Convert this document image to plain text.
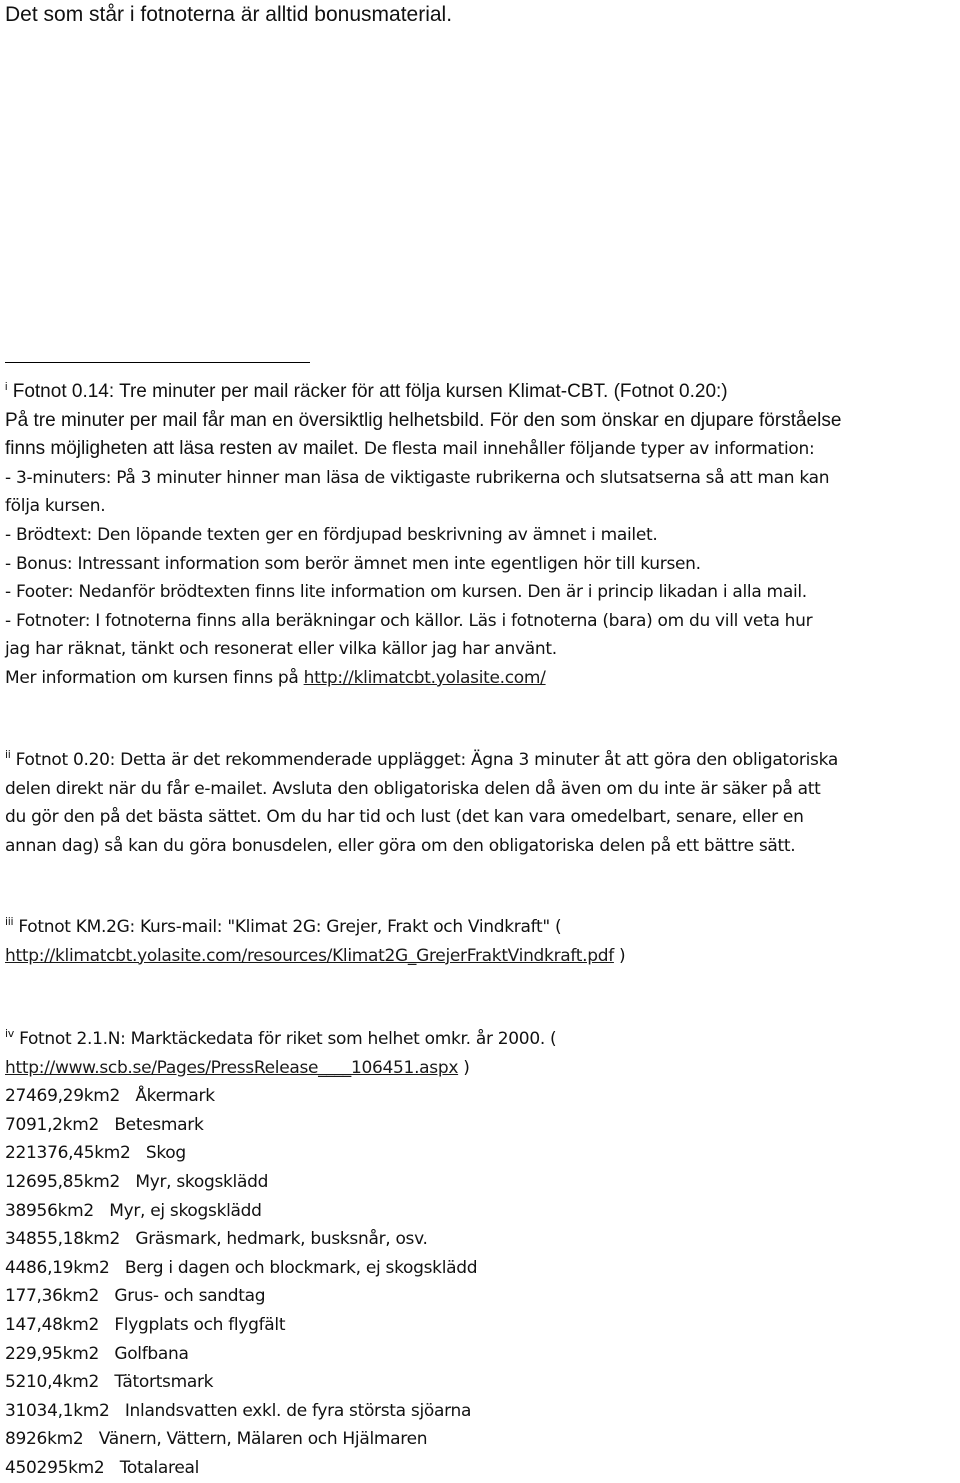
Det som står i fotnoterna är alltid bonusmaterial.
$^i$ Fotnot 0.14: Tre minuter per mail räcker för att följa kursen Klimat-CBT. (Fotnot 0.20:)
På tre minuter per mail får man en översiktlig helhetsbild. För den som önskar en djupare förståelse
finns möjligheten att läsa resten av mailet. De flesta mail innehåller följande typer av information:
- 3-minuters: På 3 minuter hinner man läsa de viktigaste rubrikerna och slutsatserna så att man kan
följa kursen.
- Brödtext: Den löpande texten ger en fördjupad beskrivning av ämnet i mailet.
- Bonus: Intressant information som berör ämnet men inte egentligen hör till kursen.
- Footer: Nedanför brödtexten finns lite information om kursen. Den är i princip likadan i alla mail.
- Fotnoter: I fotnoterna finns alla beräkningar och källor. Läs i fotnoterna (bara) om du vill veta hur
jag har räknat, tänkt och resonerat eller vilka källor jag har använt.
Mer information om kursen finns på http://klimatcbt.yolasite.com/
$^{ii}$ Fotnot 0.20: Detta är det rekommenderade upplägget: Ägna 3 minuter åt att göra den obligatoriska
delen direkt när du får e-mailet. Avsluta den obligatoriska delen då även om du inte är säker på att
du gör den på det bästa sättet. Om du har tid och lust (det kan vara omedelbart, senare, eller en
annan dag) så kan du göra bonusdelen, eller göra om den obligatoriska delen på ett bättre sätt.
$^{iii}$ Fotnot KM.2G: Kurs-mail: "Klimat 2G: Grejer, Frakt och Vindkraft" (
http://klimatcbt.yolasite.com/resources/Klimat2G_GrejerFraktVindkraft.pdf )
$^{iv}$ Fotnot 2.1.N: Marktäckedata för riket som helhet omkr. år 2000. (
http://www.scb.se/Pages/PressRelease____106451.aspx )
27469,29km2   Åkermark
7091,2km2   Betesmark
221376,45km2   Skog
12695,85km2   Myr, skogsklädd
38956km2   Myr, ej skogsklädd
34855,18km2   Gräsmark, hedmark, busksnår, osv.
4486,19km2   Berg i dagen och blockmark, ej skogsklädd
177,36km2   Grus- och sandtag
147,48km2   Flygplats och flygfält
229,95km2   Golfbana
5210,4km2   Tätortsmark
31034,1km2   Inlandsvatten exkl. de fyra största sjöarna
8926km2   Vänern, Vättern, Mälaren och Hjälmaren
450295km2   Totalareal
